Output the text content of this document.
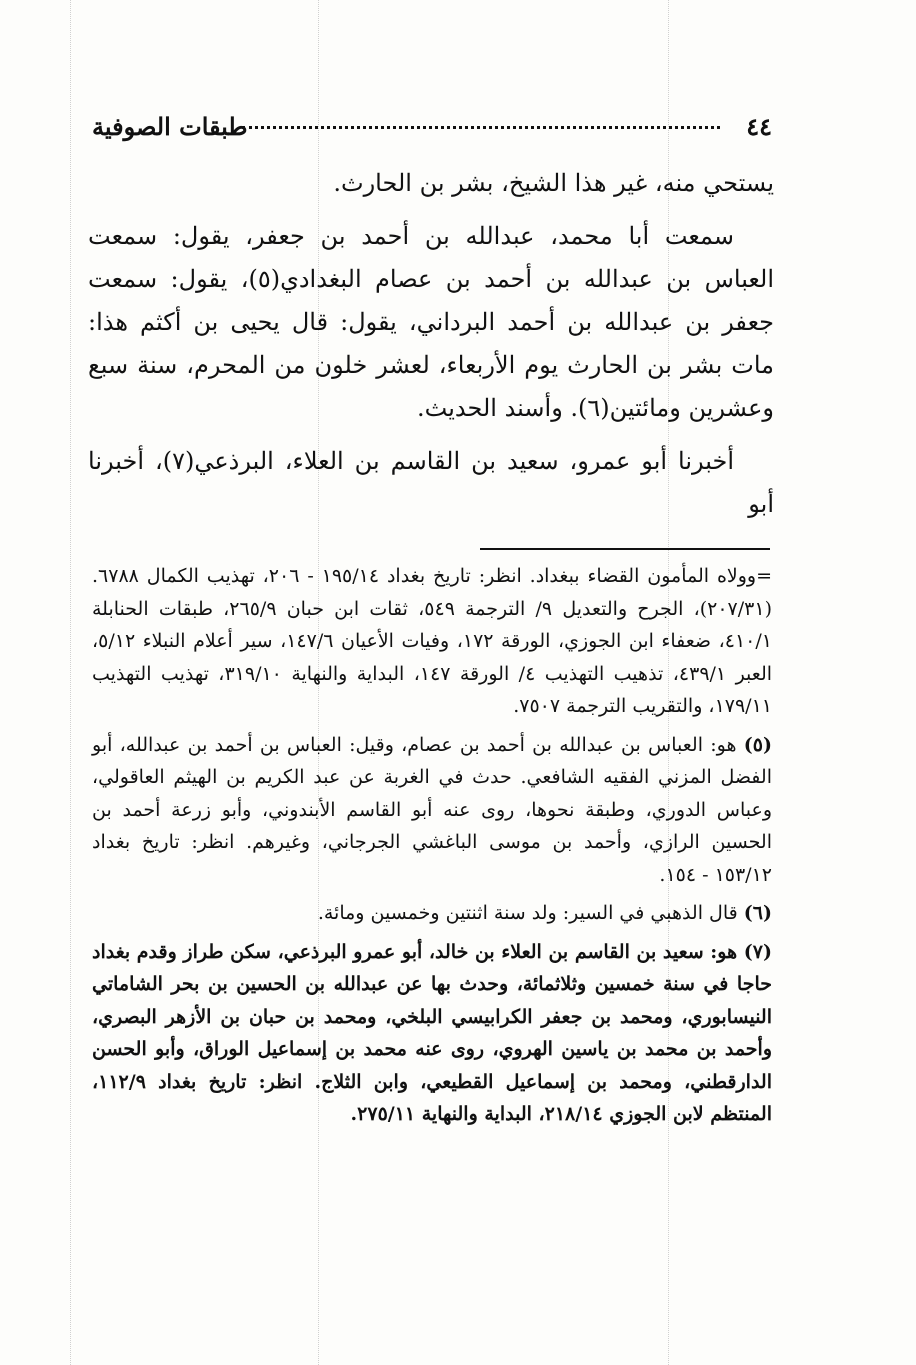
٤٤
طبقات الصوفية

يستحي منه، غير هذا الشيخ، بشر بن الحارث.

سمعت أبا محمد، عبدالله بن أحمد بن جعفر، يقول: سمعت العباس بن عبدالله بن أحمد بن عصام البغدادي(٥)، يقول: سمعت جعفر بن عبدالله بن أحمد البرداني، يقول: قال يحيى بن أكثم هذا: مات بشر بن الحارث يوم الأربعاء، لعشر خلون من المحرم، سنة سبع وعشرين ومائتين(٦). وأسند الحديث.

أخبرنا أبو عمرو، سعيد بن القاسم بن العلاء، البرذعي(٧)، أخبرنا أبو

=وولاه المأمون القضاء ببغداد. انظر: تاريخ بغداد ١٩٥/١٤ - ٢٠٦، تهذيب الكمال ٦٧٨٨.(٢٠٧/٣١)، الجرح والتعديل ٩/ الترجمة ٥٤٩، ثقات ابن حبان ٢٦٥/٩، طبقات الحنابلة ٤١٠/١، ضعفاء ابن الجوزي، الورقة ١٧٢، وفيات الأعيان ١٤٧/٦، سير أعلام النبلاء ٥/١٢، العبر ٤٣٩/١، تذهيب التهذيب ٤/ الورقة ١٤٧، البداية والنهاية ٣١٩/١٠، تهذيب التهذيب ١٧٩/١١، والتقريب الترجمة ٧٥٠٧.

(٥) هو: العباس بن عبدالله بن أحمد بن عصام، وقيل: العباس بن أحمد بن عبدالله، أبو الفضل المزني الفقيه الشافعي. حدث في الغربة عن عبد الكريم بن الهيثم العاقولي، وعباس الدوري، وطبقة نحوها، روى عنه أبو القاسم الأبندوني، وأبو زرعة أحمد بن الحسين الرازي، وأحمد بن موسى الباغشي الجرجاني، وغيرهم. انظر: تاريخ بغداد ١٥٣/١٢ - ١٥٤.

(٦) قال الذهبي في السير: ولد سنة اثنتين وخمسين ومائة.

(٧) هو: سعيد بن القاسم بن العلاء بن خالد، أبو عمرو البرذعي، سكن طراز وقدم بغداد حاجا في سنة خمسين وثلاثمائة، وحدث بها عن عبدالله بن الحسين بن بحر الشاماتي النيسابوري، ومحمد بن جعفر الكرابيسي البلخي، ومحمد بن حبان بن الأزهر البصري، وأحمد بن محمد بن ياسين الهروي، روى عنه محمد بن إسماعيل الوراق، وأبو الحسن الدارقطني، ومحمد بن إسماعيل القطيعي، وابن الثلاج. انظر: تاريخ بغداد ١١٢/٩، المنتظم لابن الجوزي ٢١٨/١٤، البداية والنهاية ٢٧٥/١١.
